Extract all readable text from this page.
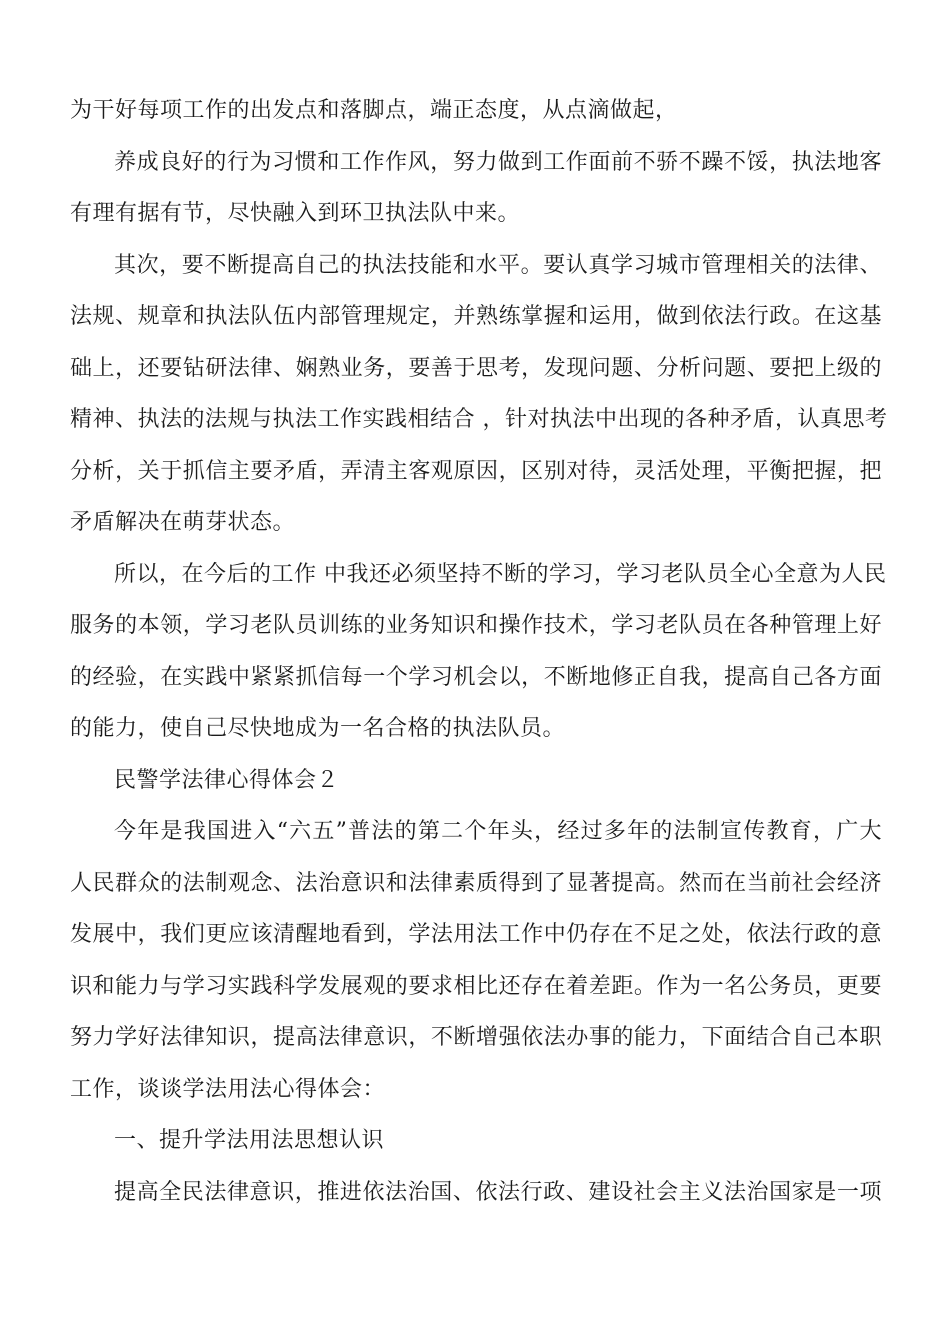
为干好每项工作的出发点和落脚点，端正态度，从点滴做起，

养成良好的行为习惯和工作作风，努力做到工作面前不骄不躁不馁，执法地客

有理有据有节，尽快融入到环卫执法队中来。

其次，要不断提高自己的执法技能和水平。要认真学习城市管理相关的法律、

法规、规章和执法队伍内部管理规定，并熟练掌握和运用，做到依法行政。在这基

础上，还要钻研法律、娴熟业务，要善于思考，发现问题、分析问题、要把上级的

精神、执法的法规与执法工作实践相结合 ，针对执法中出现的各种矛盾，认真思考

分析，关于抓信主要矛盾，弄清主客观原因，区别对待，灵活处理，平衡把握，把

矛盾解决在萌芽状态。

所以，在今后的工作 中我还必须坚持不断的学习，学习老队员全心全意为人民

服务的本领，学习老队员训练的业务知识和操作技术，学习老队员在各种管理上好

的经验，在实践中紧紧抓信每一个学习机会以，不断地修正自我，提高自己各方面

的能力，使自己尽快地成为一名合格的执法队员。

民警学法律心得体会２

今年是我国进入“六五”普法的第二个年头，经过多年的法制宣传教育，广大

人民群众的法制观念、法治意识和法律素质得到了显著提高。然而在当前社会经济

发展中，我们更应该清醒地看到，学法用法工作中仍存在不足之处，依法行政的意

识和能力与学习实践科学发展观的要求相比还存在着差距。作为一名公务员，更要

努力学好法律知识，提高法律意识，不断增强依法办事的能力，下面结合自己本职

工作，谈谈学法用法心得体会：

一、提升学法用法思想认识

提高全民法律意识，推进依法治国、依法行政、建设社会主义法治国家是一项
